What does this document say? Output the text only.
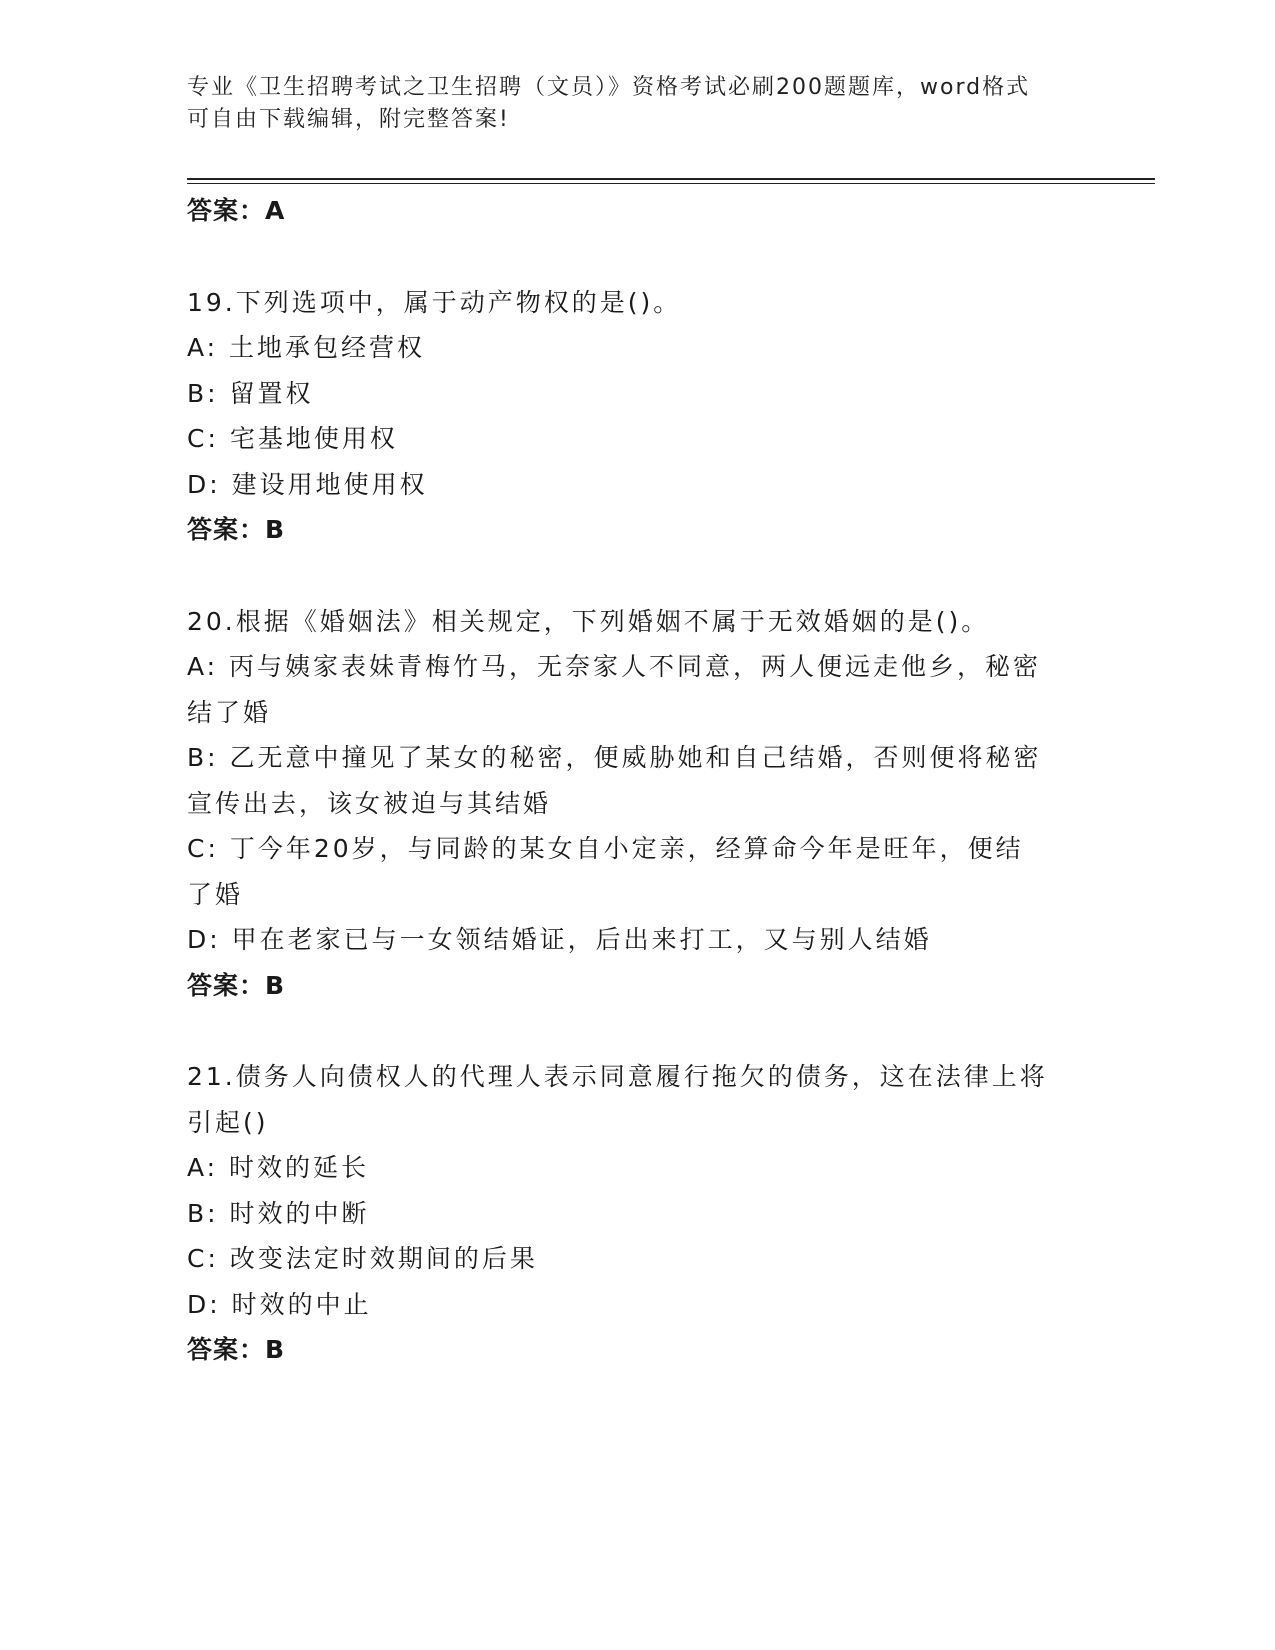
专业《卫生招聘考试之卫生招聘（文员）》资格考试必刷200题题库，word格式
可自由下载编辑，附完整答案!
答案：A
19.下列选项中，属于动产物权的是()。
A: 土地承包经营权
B: 留置权
C: 宅基地使用权
D: 建设用地使用权
答案：B
20.根据《婚姻法》相关规定，下列婚姻不属于无效婚姻的是()。
A: 丙与姨家表妹青梅竹马，无奈家人不同意，两人便远走他乡，秘密
结了婚
B: 乙无意中撞见了某女的秘密，便威胁她和自己结婚，否则便将秘密
宣传出去，该女被迫与其结婚
C: 丁今年20岁，与同龄的某女自小定亲，经算命今年是旺年，便结
了婚
D: 甲在老家已与一女领结婚证，后出来打工，又与别人结婚
答案：B
21.债务人向债权人的代理人表示同意履行拖欠的债务，这在法律上将
引起()
A: 时效的延长
B: 时效的中断
C: 改变法定时效期间的后果
D: 时效的中止
答案：B
